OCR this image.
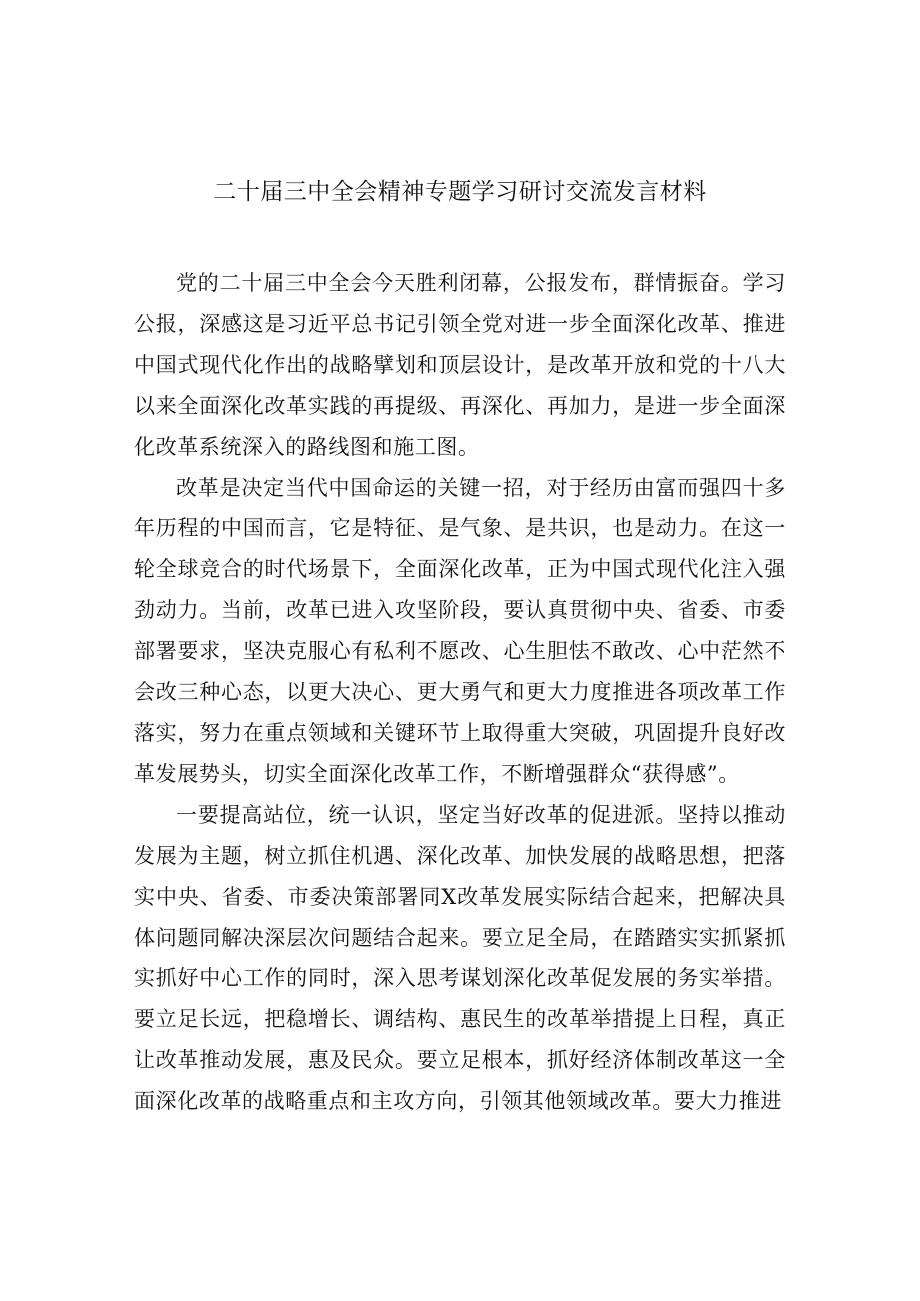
二十届三中全会精神专题学习研讨交流发言材料

党的二十届三中全会今天胜利闭幕，公报发布，群情振奋。学习公报，深感这是习近平总书记引领全党对进一步全面深化改革、推进中国式现代化作出的战略擘划和顶层设计，是改革开放和党的十八大以来全面深化改革实践的再提级、再深化、再加力，是进一步全面深化改革系统深入的路线图和施工图。

改革是决定当代中国命运的关键一招，对于经历由富而强四十多年历程的中国而言，它是特征、是气象、是共识，也是动力。在这一轮全球竞合的时代场景下，全面深化改革，正为中国式现代化注入强劲动力。当前，改革已进入攻坚阶段，要认真贯彻中央、省委、市委部署要求，坚决克服心有私利不愿改、心生胆怯不敢改、心中茫然不会改三种心态，以更大决心、更大勇气和更大力度推进各项改革工作落实，努力在重点领域和关键环节上取得重大突破，巩固提升良好改革发展势头，切实全面深化改革工作，不断增强群众“获得感”。

一要提高站位，统一认识，坚定当好改革的促进派。坚持以推动发展为主题，树立抓住机遇、深化改革、加快发展的战略思想，把落实中央、省委、市委决策部署同X改革发展实际结合起来，把解决具体问题同解决深层次问题结合起来。要立足全局，在踏踏实实抓紧抓实抓好中心工作的同时，深入思考谋划深化改革促发展的务实举措。要立足长远，把稳增长、调结构、惠民生的改革举措提上日程，真正让改革推动发展，惠及民众。要立足根本，抓好经济体制改革这一全面深化改革的战略重点和主攻方向，引领其他领域改革。要大力推进
